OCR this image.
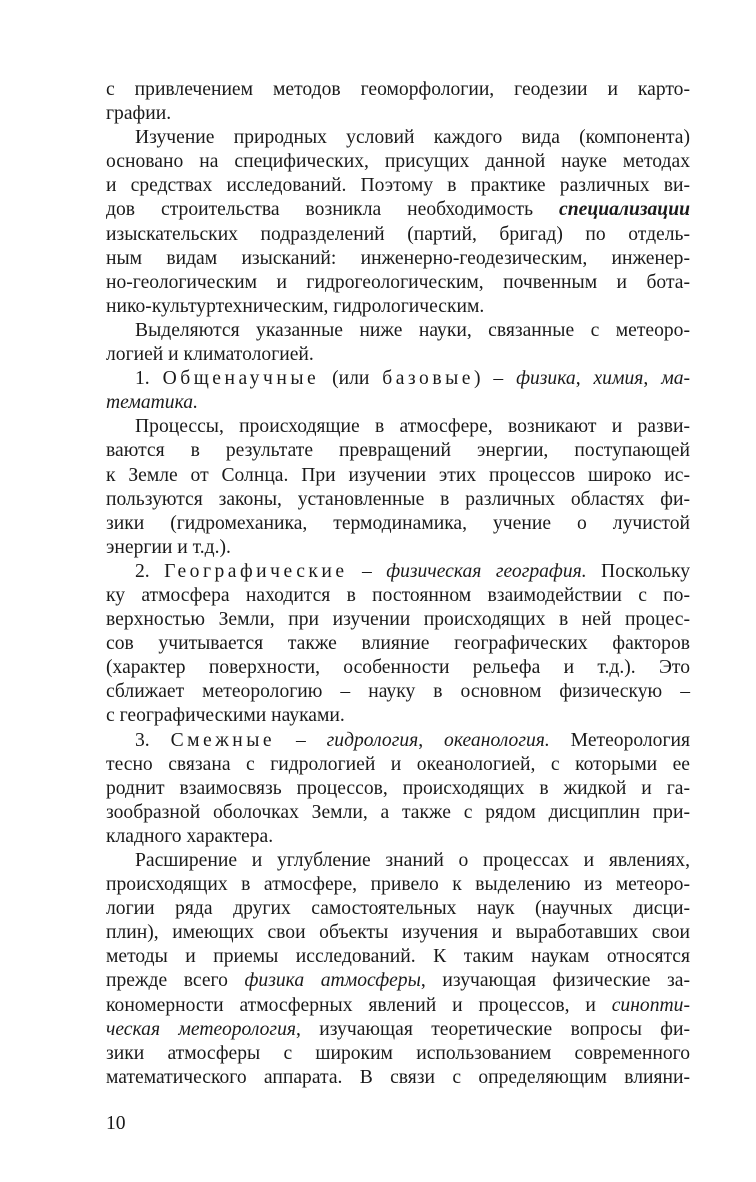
с привлечением методов геоморфологии, геодезии и карто-
графии.
Изучение природных условий каждого вида (компонента)
основано на специфических, присущих данной науке методах
и средствах исследований. Поэтому в практике различных ви-
дов строительства возникла необходимость специализации
изыскательских подразделений (партий, бригад) по отдель-
ным видам изысканий: инженерно-геодезическим, инженер-
но-геологическим и гидрогеологическим, почвенным и бота-
нико-культуртехническим, гидрологическим.
Выделяются указанные ниже науки, связанные с метеоро-
логией и климатологией.
1. Общенаучные (или базовые) – физика, химия, ма-
тематика.
Процессы, происходящие в атмосфере, возникают и разви-
ваются в результате превращений энергии, поступающей
к Земле от Солнца. При изучении этих процессов широко ис-
пользуются законы, установленные в различных областях фи-
зики (гидромеханика, термодинамика, учение о лучистой
энергии и т.д.).
2. Географические – физическая география. Поскольку
ку атмосфера находится в постоянном взаимодействии с по-
верхностью Земли, при изучении происходящих в ней процес-
сов учитывается также влияние географических факторов
(характер поверхности, особенности рельефа и т.д.). Это
сближает метеорологию – науку в основном физическую –
с географическими науками.
3. Смежные – гидрология, океанология. Метеорология
тесно связана с гидрологией и океанологией, с которыми ее
роднит взаимосвязь процессов, происходящих в жидкой и га-
зообразной оболочках Земли, а также с рядом дисциплин при-
кладного характера.
Расширение и углубление знаний о процессах и явлениях,
происходящих в атмосфере, привело к выделению из метеоро-
логии ряда других самостоятельных наук (научных дисци-
плин), имеющих свои объекты изучения и выработавших свои
методы и приемы исследований. К таким наукам относятся
прежде всего физика атмосферы, изучающая физические за-
кономерности атмосферных явлений и процессов, и синопти-
ческая метеорология, изучающая теоретические вопросы фи-
зики атмосферы с широким использованием современного
математического аппарата. В связи с определяющим влияни-
10
